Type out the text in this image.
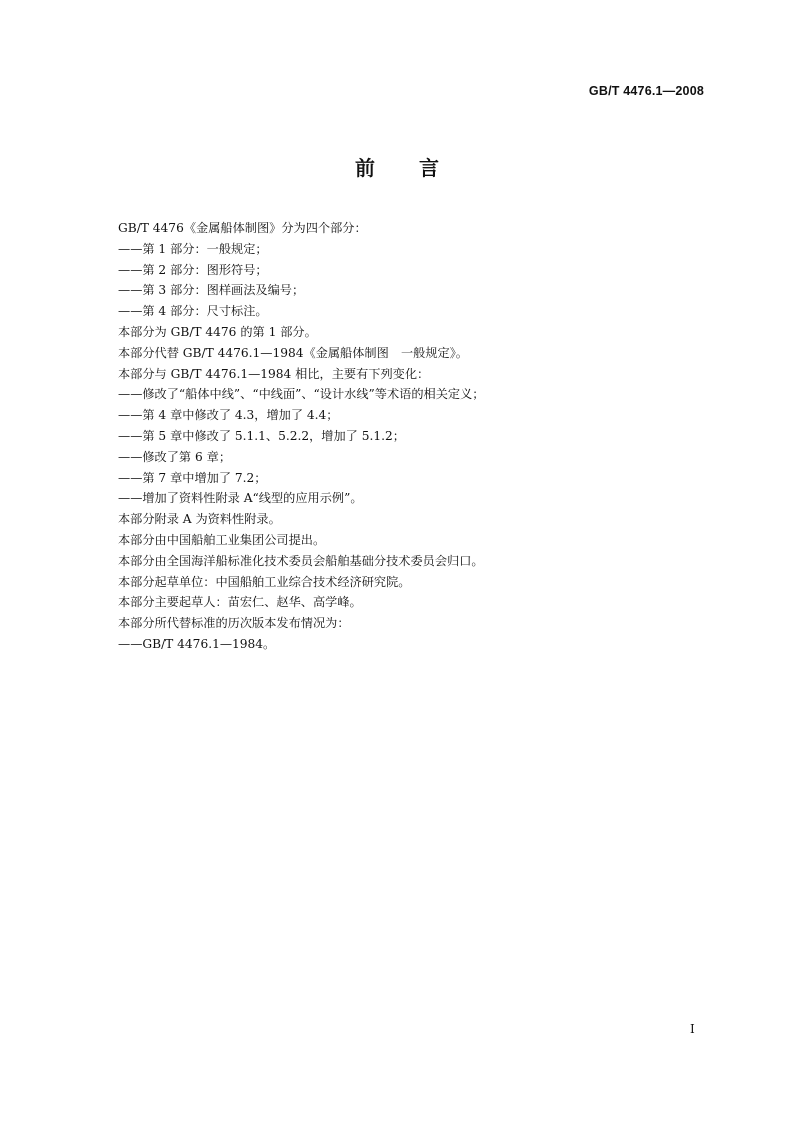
GB/T 4476.1—2008
前言
GB/T 4476《金属船体制图》分为四个部分：
——第 1 部分：一般规定；
——第 2 部分：图形符号；
——第 3 部分：图样画法及编号；
——第 4 部分：尺寸标注。
本部分为 GB/T 4476 的第 1 部分。
本部分代替 GB/T 4476.1—1984《金属船体制图　一般规定》。
本部分与 GB/T 4476.1—1984 相比，主要有下列变化：
——修改了“船体中线”、“中线面”、“设计水线”等术语的相关定义；
——第 4 章中修改了 4.3，增加了 4.4；
——第 5 章中修改了 5.1.1、5.2.2，增加了 5.1.2；
——修改了第 6 章；
——第 7 章中增加了 7.2；
——增加了资料性附录 A“线型的应用示例”。
本部分附录 A 为资料性附录。
本部分由中国船舶工业集团公司提出。
本部分由全国海洋船标准化技术委员会船舶基础分技术委员会归口。
本部分起草单位：中国船舶工业综合技术经济研究院。
本部分主要起草人：苗宏仁、赵华、高学峰。
本部分所代替标准的历次版本发布情况为：
——GB/T 4476.1—1984。
I
